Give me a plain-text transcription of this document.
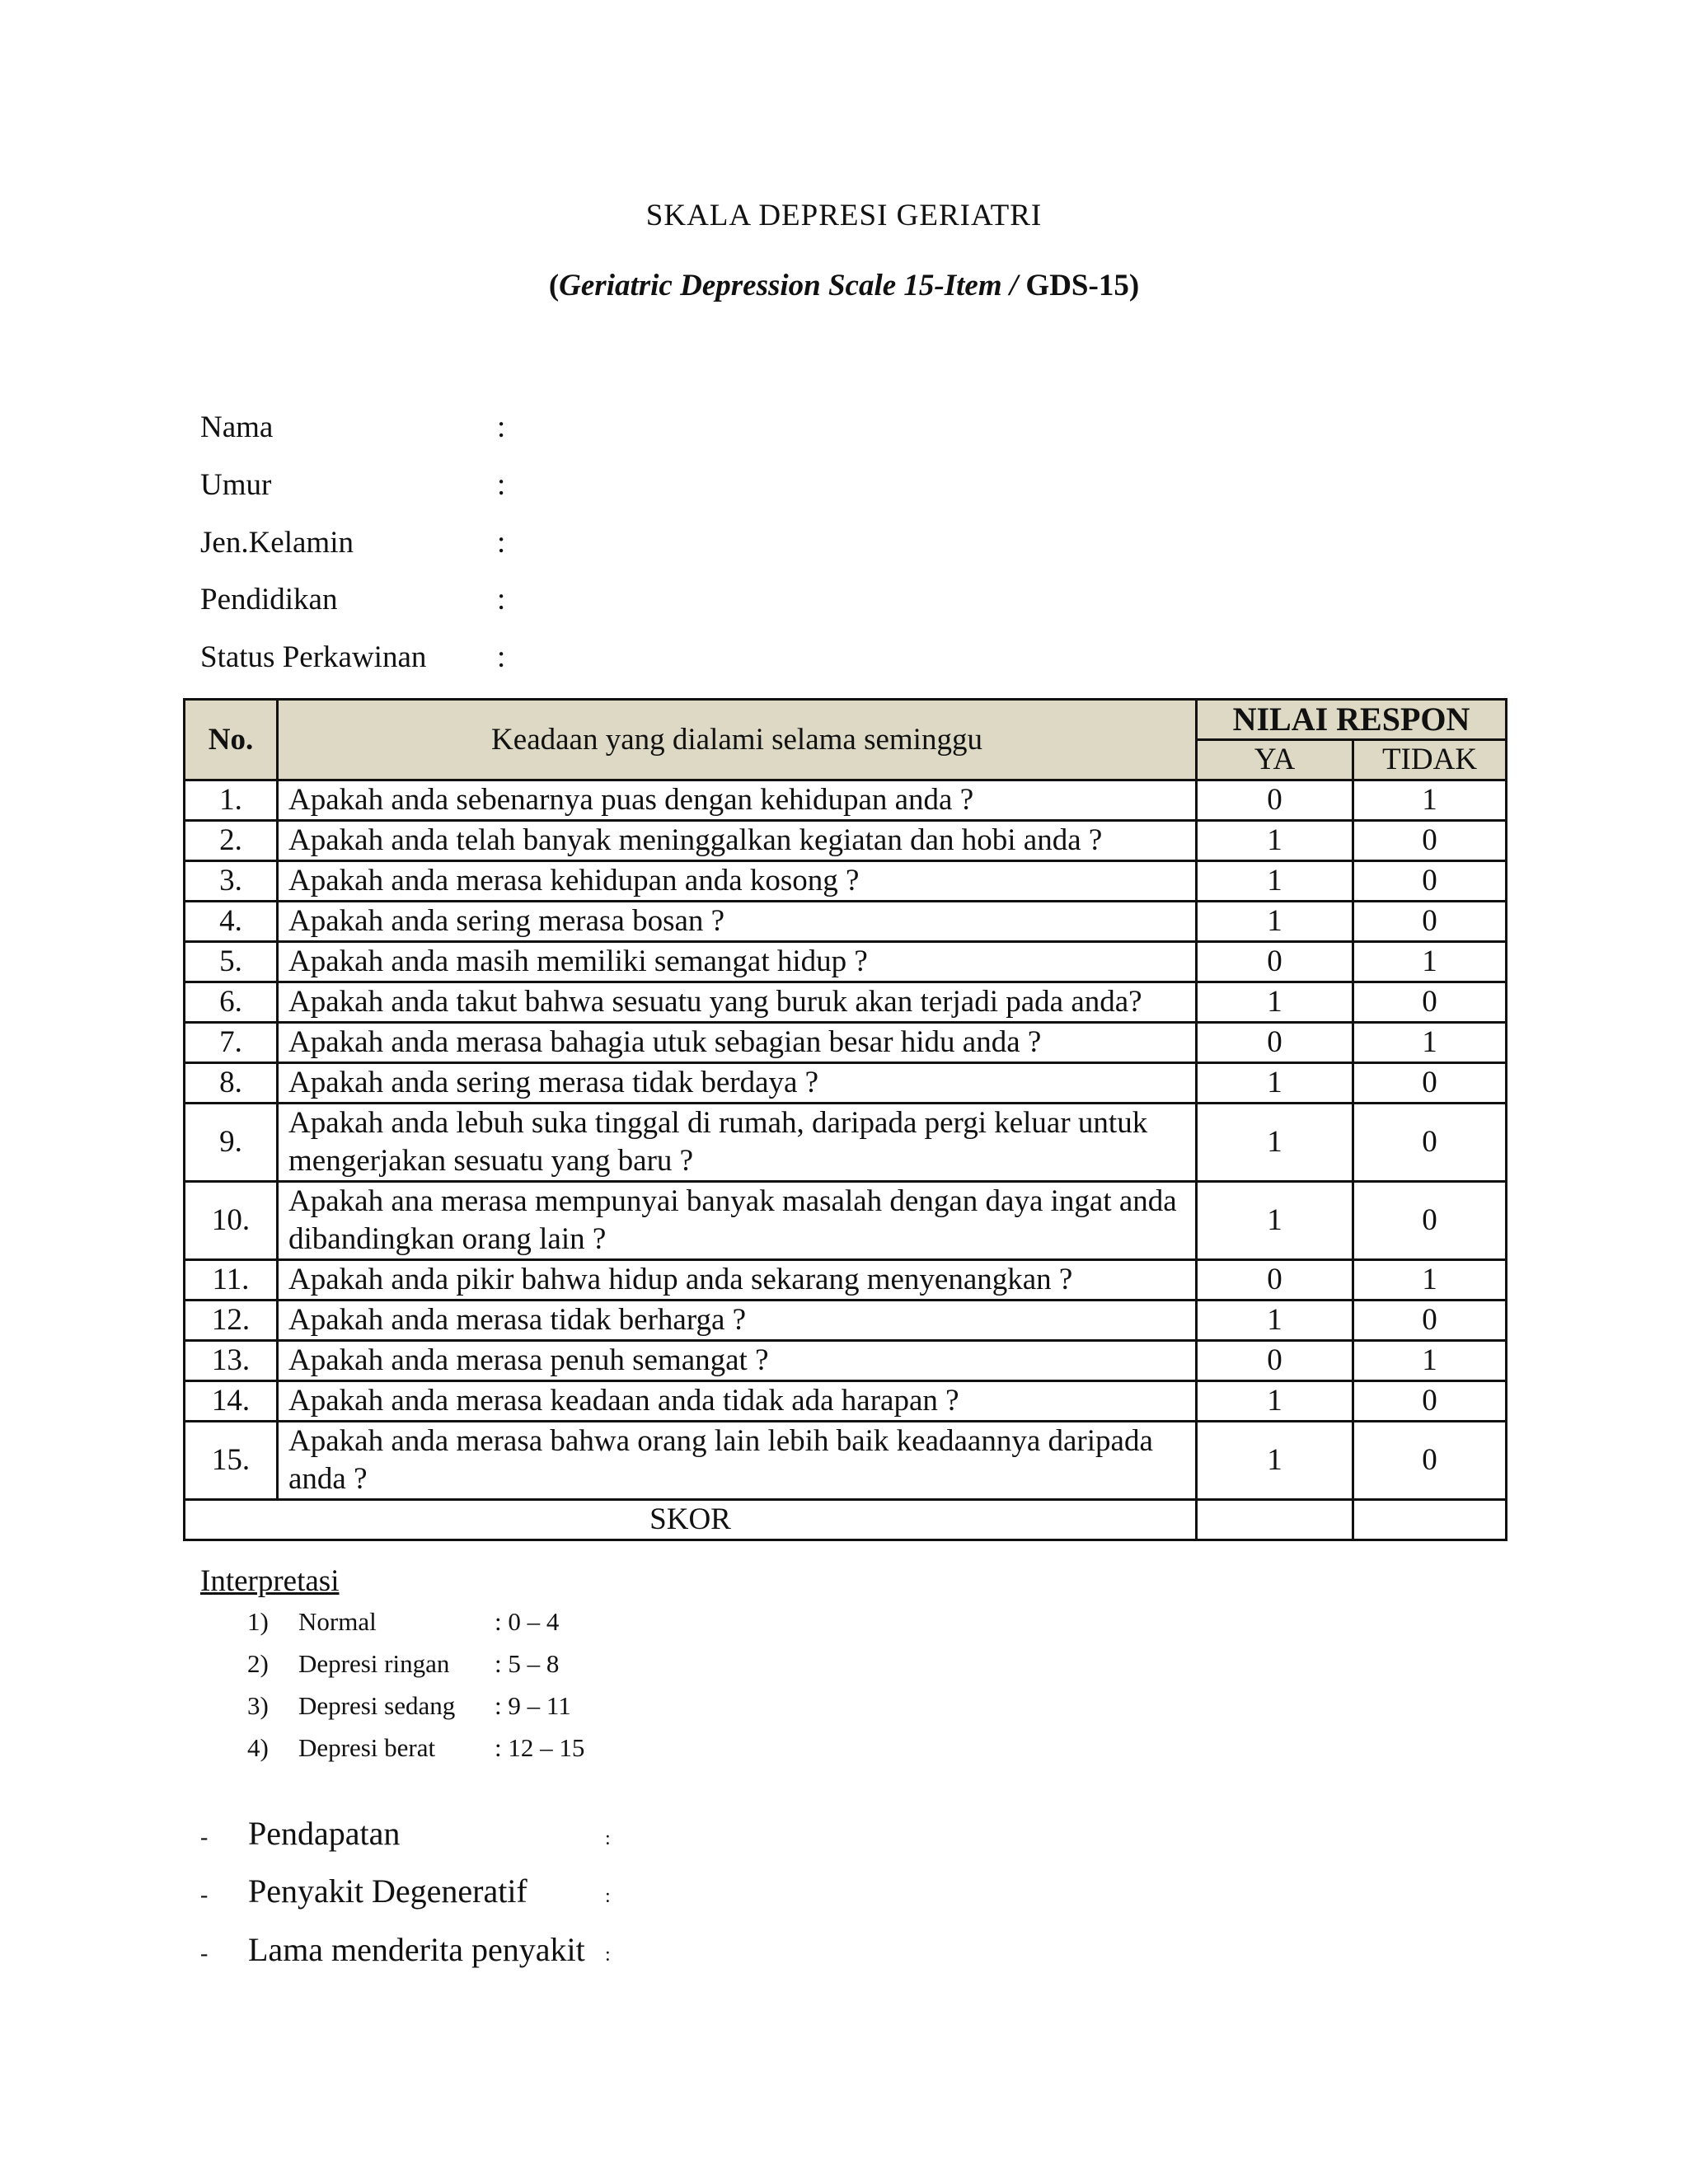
SKALA DEPRESI GERIATRI
(Geriatric Depression Scale 15-Item / GDS-15)
Nama	:
Umur	:
Jen.Kelamin	:
Pendidikan	:
Status Perkawinan :
No.	Keadaan yang dialami selama seminggu	NILAI RESPON	
		YA	TIDAK
1.	Apakah anda sebenarnya puas dengan kehidupan anda ?	0	1
2.	Apakah anda telah banyak meninggalkan kegiatan dan hobi anda ?	1	0
3.	Apakah anda merasa kehidupan anda kosong ?	1	0
4.	Apakah anda sering merasa bosan ?	1	0
5.	Apakah anda masih memiliki semangat hidup ?	0	1
6.	Apakah anda takut bahwa sesuatu yang buruk akan terjadi pada anda?	1	0
7.	Apakah anda merasa bahagia utuk sebagian besar hidu anda ?	0	1
8.	Apakah anda sering merasa tidak berdaya ?	1	0
9.	Apakah anda lebuh suka tinggal di rumah, daripada pergi keluar untuk mengerjakan sesuatu yang baru ?	1	0
10.	Apakah ana merasa mempunyai banyak masalah dengan daya ingat anda dibandingkan orang lain ?	1	0
11.	Apakah anda pikir bahwa hidup anda sekarang menyenangkan ?	0	1
12.	Apakah anda merasa tidak berharga ?	1	0
13.	Apakah anda merasa penuh semangat ?	0	1
14.	Apakah anda merasa keadaan anda tidak ada harapan ?	1	0
15.	Apakah anda merasa bahwa orang lain lebih baik keadaannya daripada anda ?	1	0
SKOR			
Interpretasi
1) Normal	: 0 – 4
2) Depresi ringan : 5 – 8
3) Depresi sedang : 9 – 11
4) Depresi berat : 12 – 15
- Pendapatan	:
- Penyakit Degeneratif	:
- Lama menderita penyakit :
